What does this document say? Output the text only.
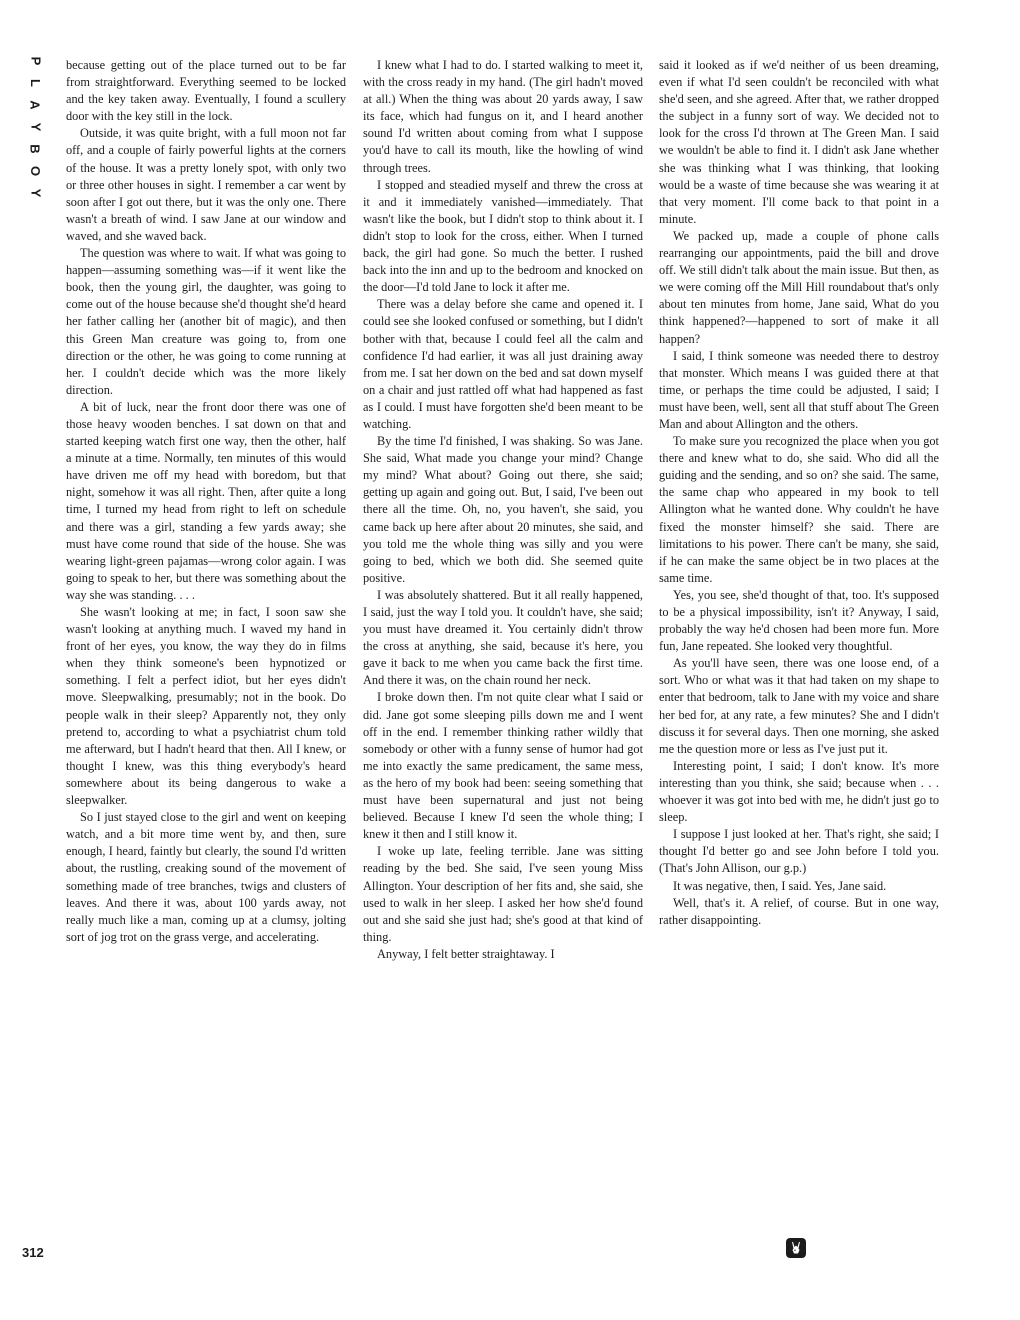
P
L
A
Y
B
O
Y
312

because getting out of the place turned out to be far from straightforward. Everything seemed to be locked and the key taken away. Eventually, I found a scullery door with the key still in the lock.

Outside, it was quite bright, with a full moon not far off, and a couple of fairly powerful lights at the corners of the house. It was a pretty lonely spot, with only two or three other houses in sight. I remember a car went by soon after I got out there, but it was the only one. There wasn't a breath of wind. I saw Jane at our window and waved, and she waved back.

The question was where to wait. If what was going to happen—assuming something was—if it went like the book, then the young girl, the daughter, was going to come out of the house because she'd thought she'd heard her father calling her (another bit of magic), and then this Green Man creature was going to, from one direction or the other, he was going to come running at her. I couldn't decide which was the more likely direction.

A bit of luck, near the front door there was one of those heavy wooden benches. I sat down on that and started keeping watch first one way, then the other, half a minute at a time. Normally, ten minutes of this would have driven me off my head with boredom, but that night, somehow it was all right. Then, after quite a long time, I turned my head from right to left on schedule and there was a girl, standing a few yards away; she must have come round that side of the house. She was wearing light-green pajamas—wrong color again. I was going to speak to her, but there was something about the way she was standing. . . .

She wasn't looking at me; in fact, I soon saw she wasn't looking at anything much. I waved my hand in front of her eyes, you know, the way they do in films when they think someone's been hypnotized or something. I felt a perfect idiot, but her eyes didn't move. Sleepwalking, presumably; not in the book. Do people walk in their sleep? Apparently not, they only pretend to, according to what a psychiatrist chum told me afterward, but I hadn't heard that then. All I knew, or thought I knew, was this thing everybody's heard somewhere about its being dangerous to wake a sleepwalker.

So I just stayed close to the girl and went on keeping watch, and a bit more time went by, and then, sure enough, I heard, faintly but clearly, the sound I'd written about, the rustling, creaking sound of the movement of something made of tree branches, twigs and clusters of leaves. And there it was, about 100 yards away, not really much like a man, coming up at a clumsy, jolting sort of jog trot on the grass verge, and accelerating.

I knew what I had to do. I started walking to meet it, with the cross ready in my hand. (The girl hadn't moved at all.) When the thing was about 20 yards away, I saw its face, which had fungus on it, and I heard another sound I'd written about coming from what I suppose you'd have to call its mouth, like the howling of wind through trees.

I stopped and steadied myself and threw the cross at it and it immediately vanished—immediately. That wasn't like the book, but I didn't stop to think about it. I didn't stop to look for the cross, either. When I turned back, the girl had gone. So much the better. I rushed back into the inn and up to the bedroom and knocked on the door—I'd told Jane to lock it after me.

There was a delay before she came and opened it. I could see she looked confused or something, but I didn't bother with that, because I could feel all the calm and confidence I'd had earlier, it was all just draining away from me. I sat her down on the bed and sat down myself on a chair and just rattled off what had happened as fast as I could. I must have forgotten she'd been meant to be watching.

By the time I'd finished, I was shaking. So was Jane. She said, What made you change your mind? Change my mind? What about? Going out there, she said; getting up again and going out. But, I said, I've been out there all the time. Oh, no, you haven't, she said, you came back up here after about 20 minutes, she said, and you told me the whole thing was silly and you were going to bed, which we both did. She seemed quite positive.

I was absolutely shattered. But it all really happened, I said, just the way I told you. It couldn't have, she said; you must have dreamed it. You certainly didn't throw the cross at anything, she said, because it's here, you gave it back to me when you came back the first time. And there it was, on the chain round her neck.

I broke down then. I'm not quite clear what I said or did. Jane got some sleeping pills down me and I went off in the end. I remember thinking rather wildly that somebody or other with a funny sense of humor had got me into exactly the same predicament, the same mess, as the hero of my book had been: seeing something that must have been supernatural and just not being believed. Because I knew I'd seen the whole thing; I knew it then and I still know it.

I woke up late, feeling terrible. Jane was sitting reading by the bed. She said, I've seen young Miss Allington. Your description of her fits and, she said, she used to walk in her sleep. I asked her how she'd found out and she said she just had; she's good at that kind of thing.

Anyway, I felt better straightaway. I

said it looked as if we'd neither of us been dreaming, even if what I'd seen couldn't be reconciled with what she'd seen, and she agreed. After that, we rather dropped the subject in a funny sort of way. We decided not to look for the cross I'd thrown at The Green Man. I said we wouldn't be able to find it. I didn't ask Jane whether she was thinking what I was thinking, that looking would be a waste of time because she was wearing it at that very moment. I'll come back to that point in a minute.

We packed up, made a couple of phone calls rearranging our appointments, paid the bill and drove off. We still didn't talk about the main issue. But then, as we were coming off the Mill Hill roundabout that's only about ten minutes from home, Jane said, What do you think happened?—happened to sort of make it all happen?

I said, I think someone was needed there to destroy that monster. Which means I was guided there at that time, or perhaps the time could be adjusted, I said; I must have been, well, sent all that stuff about The Green Man and about Allington and the others.

To make sure you recognized the place when you got there and knew what to do, she said. Who did all the guiding and the sending, and so on? she said. The same, the same chap who appeared in my book to tell Allington what he wanted done. Why couldn't he have fixed the monster himself? she said. There are limitations to his power. There can't be many, she said, if he can make the same object be in two places at the same time.

Yes, you see, she'd thought of that, too. It's supposed to be a physical impossibility, isn't it? Anyway, I said, probably the way he'd chosen had been more fun. More fun, Jane repeated. She looked very thoughtful.

As you'll have seen, there was one loose end, of a sort. Who or what was it that had taken on my shape to enter that bedroom, talk to Jane with my voice and share her bed for, at any rate, a few minutes? She and I didn't discuss it for several days. Then one morning, she asked me the question more or less as I've just put it.

Interesting point, I said; I don't know. It's more interesting than you think, she said; because when . . . whoever it was got into bed with me, he didn't just go to sleep.

I suppose I just looked at her. That's right, she said; I thought I'd better go and see John before I told you. (That's John Allison, our g.p.)

It was negative, then, I said. Yes, Jane said.

Well, that's it. A relief, of course. But in one way, rather disappointing.
